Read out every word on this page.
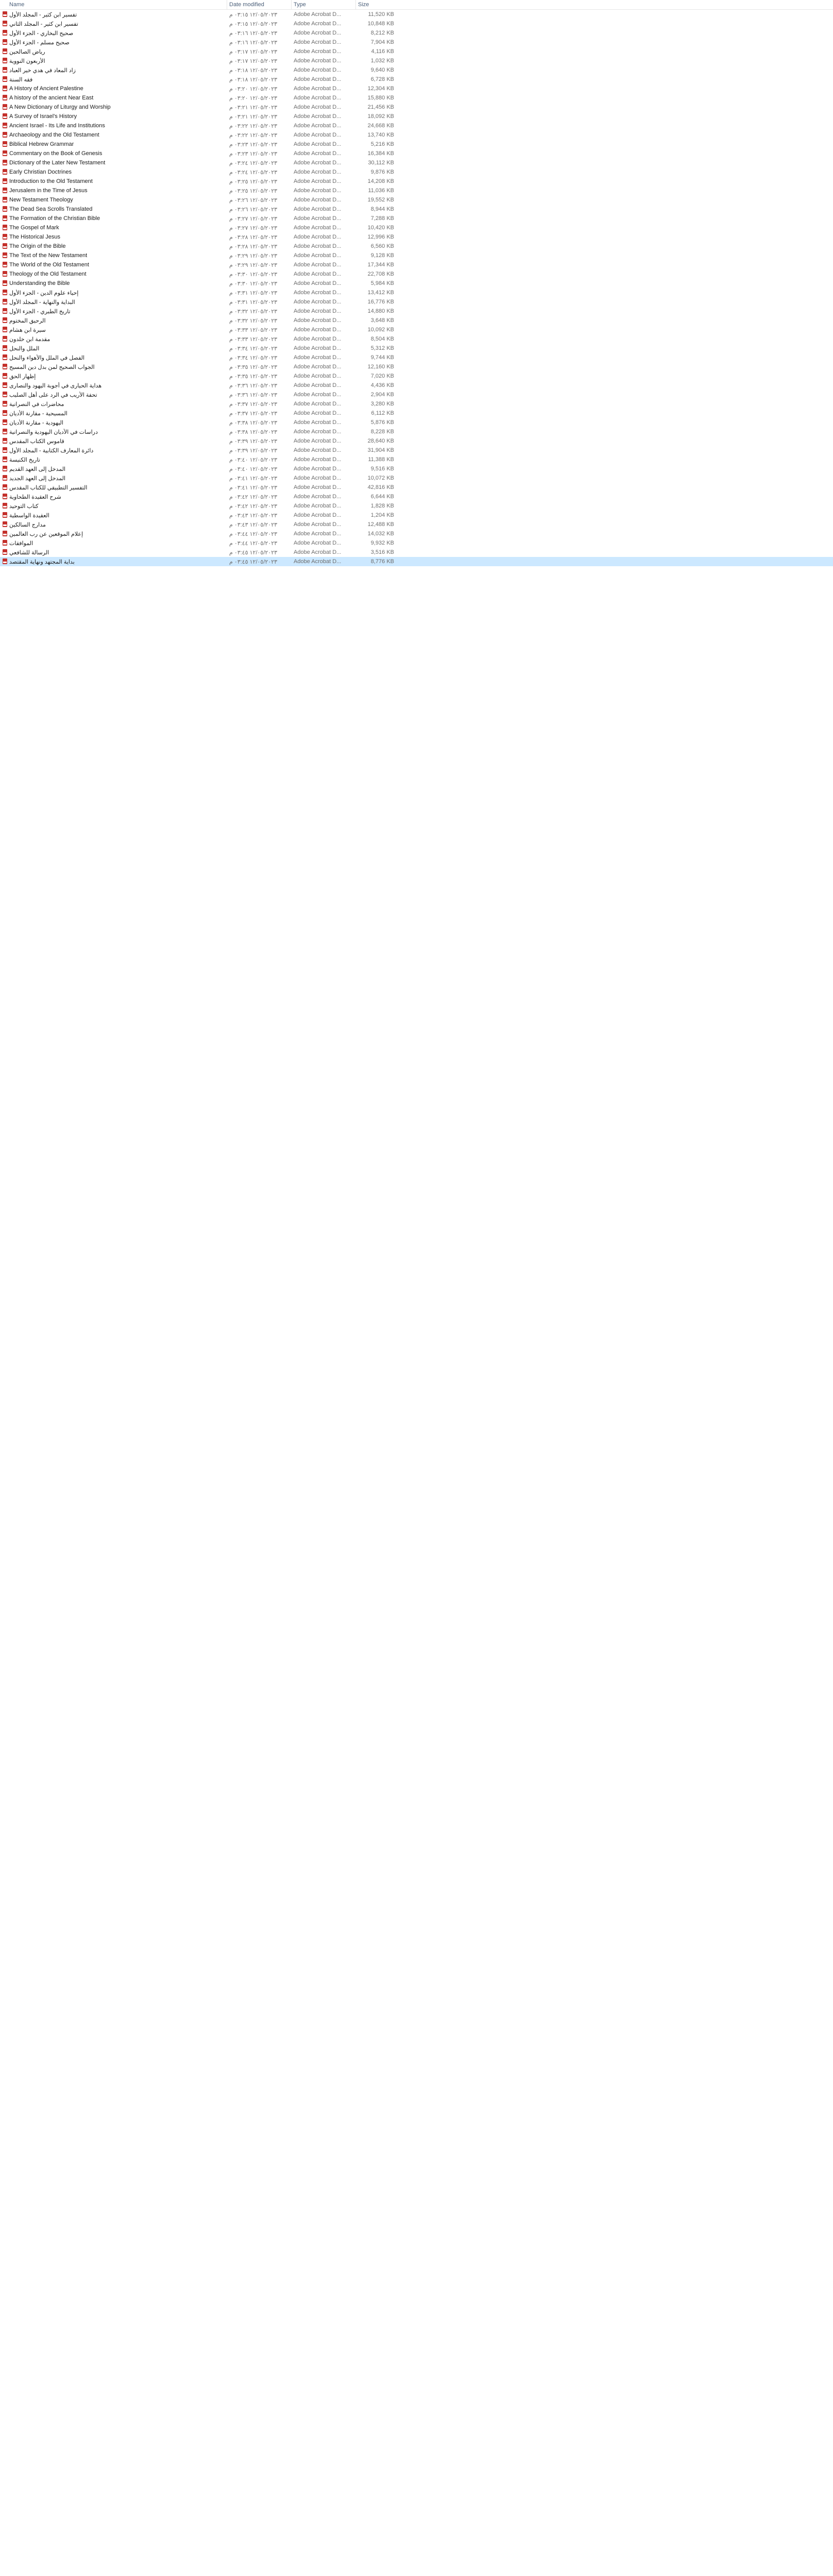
Name	Date modified	Type	Size
تفسير ابن كثير - المجلد الأول	١٢/٠٥/٢٠٢٣ ٠٣:١٥ م	Adobe Acrobat D...	11,520 KB
تفسير ابن كثير - المجلد الثاني	١٢/٠٥/٢٠٢٣ ٠٣:١٥ م	Adobe Acrobat D...	10,848 KB
صحيح البخاري - الجزء الأول	١٢/٠٥/٢٠٢٣ ٠٣:١٦ م	Adobe Acrobat D...	8,212 KB
صحيح مسلم - الجزء الأول	١٢/٠٥/٢٠٢٣ ٠٣:١٦ م	Adobe Acrobat D...	7,904 KB
رياض الصالحين	١٢/٠٥/٢٠٢٣ ٠٣:١٧ م	Adobe Acrobat D...	4,116 KB
الأربعون النووية	١٢/٠٥/٢٠٢٣ ٠٣:١٧ م	Adobe Acrobat D...	1,032 KB
زاد المعاد في هدي خير العباد	١٢/٠٥/٢٠٢٣ ٠٣:١٨ م	Adobe Acrobat D...	9,640 KB
فقه السنة	١٢/٠٥/٢٠٢٣ ٠٣:١٨ م	Adobe Acrobat D...	6,728 KB
A History of Ancient Palestine	١٢/٠٥/٢٠٢٣ ٠٣:٢٠ م	Adobe Acrobat D...	12,304 KB
A history of the ancient Near East	١٢/٠٥/٢٠٢٣ ٠٣:٢٠ م	Adobe Acrobat D...	15,880 KB
A New Dictionary of Liturgy and Worship	١٢/٠٥/٢٠٢٣ ٠٣:٢١ م	Adobe Acrobat D...	21,456 KB
A Survey of Israel's History	١٢/٠٥/٢٠٢٣ ٠٣:٢١ م	Adobe Acrobat D...	18,092 KB
Ancient Israel - Its Life and Institutions	١٢/٠٥/٢٠٢٣ ٠٣:٢٢ م	Adobe Acrobat D...	24,668 KB
Archaeology and the Old Testament	١٢/٠٥/٢٠٢٣ ٠٣:٢٢ م	Adobe Acrobat D...	13,740 KB
Biblical Hebrew Grammar	١٢/٠٥/٢٠٢٣ ٠٣:٢٣ م	Adobe Acrobat D...	5,216 KB
Commentary on the Book of Genesis	١٢/٠٥/٢٠٢٣ ٠٣:٢٣ م	Adobe Acrobat D...	16,384 KB
Dictionary of the Later New Testament	١٢/٠٥/٢٠٢٣ ٠٣:٢٤ م	Adobe Acrobat D...	30,112 KB
Early Christian Doctrines	١٢/٠٥/٢٠٢٣ ٠٣:٢٤ م	Adobe Acrobat D...	9,876 KB
Introduction to the Old Testament	١٢/٠٥/٢٠٢٣ ٠٣:٢٥ م	Adobe Acrobat D...	14,208 KB
Jerusalem in the Time of Jesus	١٢/٠٥/٢٠٢٣ ٠٣:٢٥ م	Adobe Acrobat D...	11,036 KB
New Testament Theology	١٢/٠٥/٢٠٢٣ ٠٣:٢٦ م	Adobe Acrobat D...	19,552 KB
The Dead Sea Scrolls Translated	١٢/٠٥/٢٠٢٣ ٠٣:٢٦ م	Adobe Acrobat D...	8,944 KB
The Formation of the Christian Bible	١٢/٠٥/٢٠٢٣ ٠٣:٢٧ م	Adobe Acrobat D...	7,288 KB
The Gospel of Mark	١٢/٠٥/٢٠٢٣ ٠٣:٢٧ م	Adobe Acrobat D...	10,420 KB
The Historical Jesus	١٢/٠٥/٢٠٢٣ ٠٣:٢٨ م	Adobe Acrobat D...	12,996 KB
The Origin of the Bible	١٢/٠٥/٢٠٢٣ ٠٣:٢٨ م	Adobe Acrobat D...	6,560 KB
The Text of the New Testament	١٢/٠٥/٢٠٢٣ ٠٣:٢٩ م	Adobe Acrobat D...	9,128 KB
The World of the Old Testament	١٢/٠٥/٢٠٢٣ ٠٣:٢٩ م	Adobe Acrobat D...	17,344 KB
Theology of the Old Testament	١٢/٠٥/٢٠٢٣ ٠٣:٣٠ م	Adobe Acrobat D...	22,708 KB
Understanding the Bible	١٢/٠٥/٢٠٢٣ ٠٣:٣٠ م	Adobe Acrobat D...	5,984 KB
إحياء علوم الدين - الجزء الأول	١٢/٠٥/٢٠٢٣ ٠٣:٣١ م	Adobe Acrobat D...	13,412 KB
البداية والنهاية - المجلد الأول	١٢/٠٥/٢٠٢٣ ٠٣:٣١ م	Adobe Acrobat D...	16,776 KB
تاريخ الطبري - الجزء الأول	١٢/٠٥/٢٠٢٣ ٠٣:٣٢ م	Adobe Acrobat D...	14,880 KB
الرحيق المختوم	١٢/٠٥/٢٠٢٣ ٠٣:٣٢ م	Adobe Acrobat D...	3,648 KB
سيرة ابن هشام	١٢/٠٥/٢٠٢٣ ٠٣:٣٣ م	Adobe Acrobat D...	10,092 KB
مقدمة ابن خلدون	١٢/٠٥/٢٠٢٣ ٠٣:٣٣ م	Adobe Acrobat D...	8,504 KB
الملل والنحل	١٢/٠٥/٢٠٢٣ ٠٣:٣٤ م	Adobe Acrobat D...	5,312 KB
الفصل في الملل والأهواء والنحل	١٢/٠٥/٢٠٢٣ ٠٣:٣٤ م	Adobe Acrobat D...	9,744 KB
الجواب الصحيح لمن بدل دين المسيح	١٢/٠٥/٢٠٢٣ ٠٣:٣٥ م	Adobe Acrobat D...	12,160 KB
إظهار الحق	١٢/٠٥/٢٠٢٣ ٠٣:٣٥ م	Adobe Acrobat D...	7,020 KB
هداية الحيارى في أجوبة اليهود والنصارى	١٢/٠٥/٢٠٢٣ ٠٣:٣٦ م	Adobe Acrobat D...	4,436 KB
تحفة الأريب في الرد على أهل الصليب	١٢/٠٥/٢٠٢٣ ٠٣:٣٦ م	Adobe Acrobat D...	2,904 KB
محاضرات في النصرانية	١٢/٠٥/٢٠٢٣ ٠٣:٣٧ م	Adobe Acrobat D...	3,280 KB
المسيحية - مقارنة الأديان	١٢/٠٥/٢٠٢٣ ٠٣:٣٧ م	Adobe Acrobat D...	6,112 KB
اليهودية - مقارنة الأديان	١٢/٠٥/٢٠٢٣ ٠٣:٣٨ م	Adobe Acrobat D...	5,876 KB
دراسات في الأديان اليهودية والنصرانية	١٢/٠٥/٢٠٢٣ ٠٣:٣٨ م	Adobe Acrobat D...	8,228 KB
قاموس الكتاب المقدس	١٢/٠٥/٢٠٢٣ ٠٣:٣٩ م	Adobe Acrobat D...	28,640 KB
دائرة المعارف الكتابية - المجلد الأول	١٢/٠٥/٢٠٢٣ ٠٣:٣٩ م	Adobe Acrobat D...	31,904 KB
تاريخ الكنيسة	١٢/٠٥/٢٠٢٣ ٠٣:٤٠ م	Adobe Acrobat D...	11,388 KB
المدخل إلى العهد القديم	١٢/٠٥/٢٠٢٣ ٠٣:٤٠ م	Adobe Acrobat D...	9,516 KB
المدخل إلى العهد الجديد	١٢/٠٥/٢٠٢٣ ٠٣:٤١ م	Adobe Acrobat D...	10,072 KB
التفسير التطبيقي للكتاب المقدس	١٢/٠٥/٢٠٢٣ ٠٣:٤١ م	Adobe Acrobat D...	42,816 KB
شرح العقيدة الطحاوية	١٢/٠٥/٢٠٢٣ ٠٣:٤٢ م	Adobe Acrobat D...	6,644 KB
كتاب التوحيد	١٢/٠٥/٢٠٢٣ ٠٣:٤٢ م	Adobe Acrobat D...	1,828 KB
العقيدة الواسطية	١٢/٠٥/٢٠٢٣ ٠٣:٤٣ م	Adobe Acrobat D...	1,204 KB
مدارج السالكين	١٢/٠٥/٢٠٢٣ ٠٣:٤٣ م	Adobe Acrobat D...	12,488 KB
إعلام الموقعين عن رب العالمين	١٢/٠٥/٢٠٢٣ ٠٣:٤٤ م	Adobe Acrobat D...	14,032 KB
الموافقات	١٢/٠٥/٢٠٢٣ ٠٣:٤٤ م	Adobe Acrobat D...	9,932 KB
الرسالة للشافعي	١٢/٠٥/٢٠٢٣ ٠٣:٤٥ م	Adobe Acrobat D...	3,516 KB
بداية المجتهد ونهاية المقتصد	١٢/٠٥/٢٠٢٣ ٠٣:٤٥ م	Adobe Acrobat D...	8,776 KB
